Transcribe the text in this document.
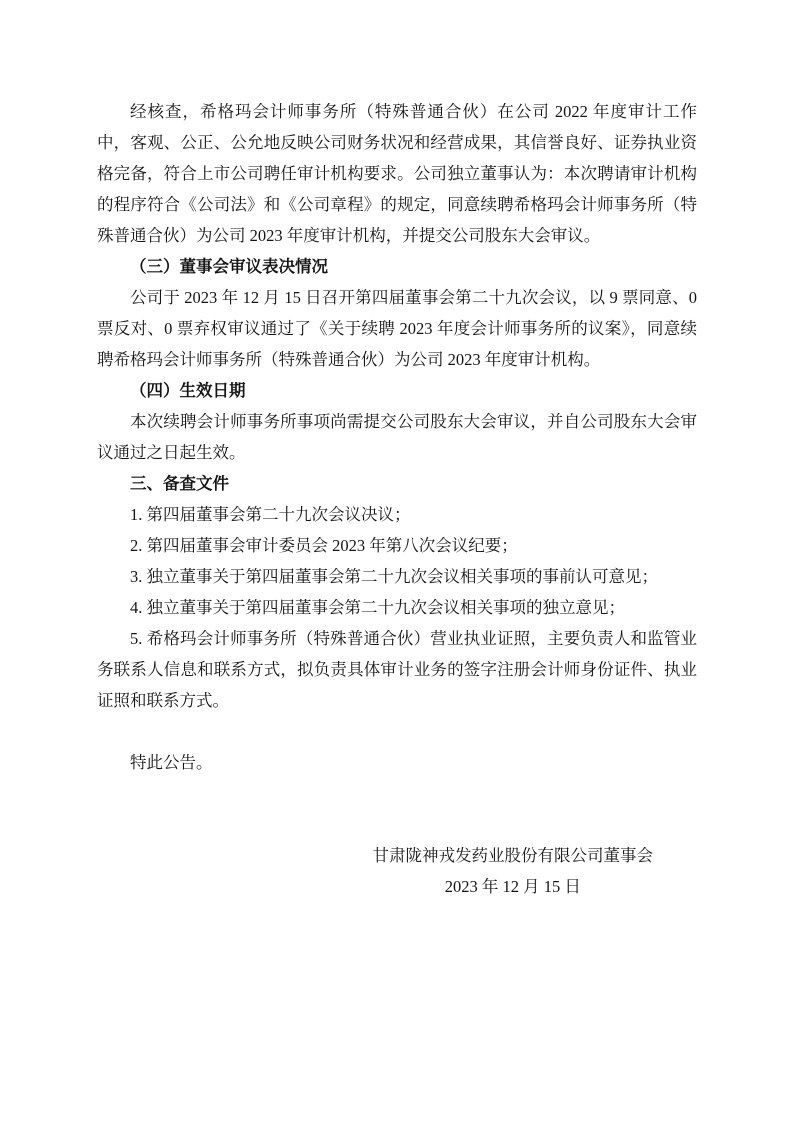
经核查，希格玛会计师事务所（特殊普通合伙）在公司 2022 年度审计工作中，客观、公正、公允地反映公司财务状况和经营成果，其信誉良好、证券执业资格完备，符合上市公司聘任审计机构要求。公司独立董事认为：本次聘请审计机构的程序符合《公司法》和《公司章程》的规定，同意续聘希格玛会计师事务所（特殊普通合伙）为公司 2023 年度审计机构，并提交公司股东大会审议。

（三）董事会审议表决情况

公司于 2023 年 12 月 15 日召开第四届董事会第二十九次会议，以 9 票同意、0 票反对、0 票弃权审议通过了《关于续聘 2023 年度会计师事务所的议案》，同意续聘希格玛会计师事务所（特殊普通合伙）为公司 2023 年度审计机构。

（四）生效日期

本次续聘会计师事务所事项尚需提交公司股东大会审议，并自公司股东大会审议通过之日起生效。

三、备查文件

1. 第四届董事会第二十九次会议决议；

2. 第四届董事会审计委员会 2023 年第八次会议纪要；

3. 独立董事关于第四届董事会第二十九次会议相关事项的事前认可意见；

4. 独立董事关于第四届董事会第二十九次会议相关事项的独立意见；

5. 希格玛会计师事务所（特殊普通合伙）营业执业证照，主要负责人和监管业务联系人信息和联系方式，拟负责具体审计业务的签字注册会计师身份证件、执业证照和联系方式。

特此公告。

甘肃陇神戎发药业股份有限公司董事会

2023 年 12 月 15 日
